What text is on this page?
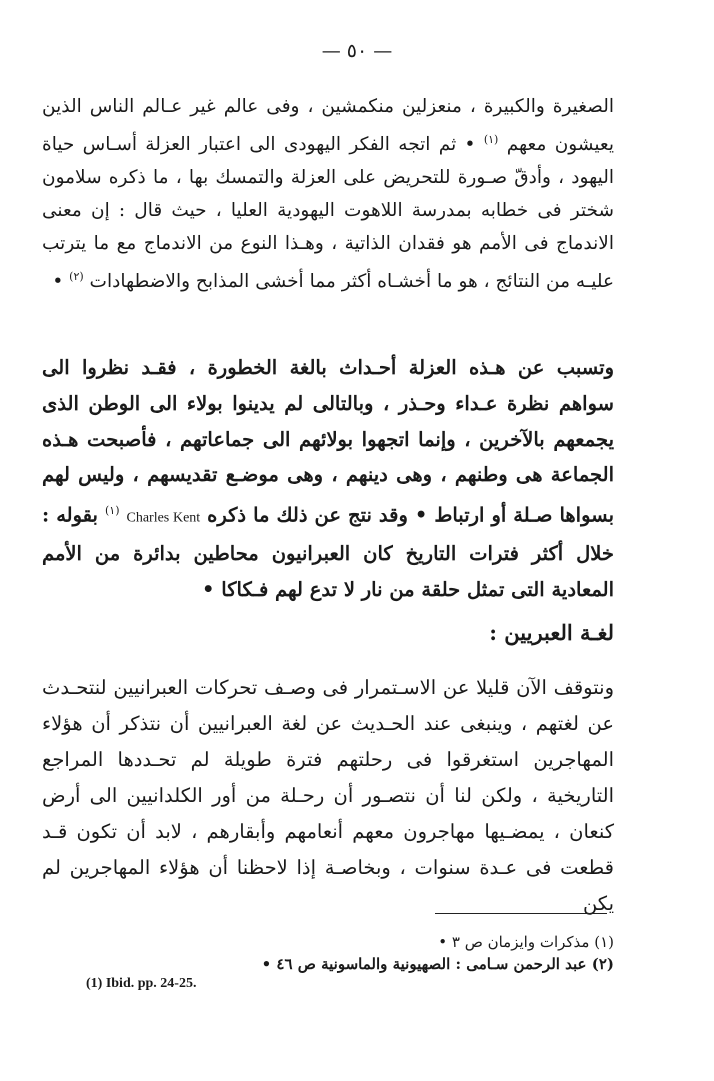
— ٥٠ —

الصغيرة والكبيرة ، منعزلين منكمشين ، وفى عالم غير عـالم الناس الذين يعيشون معهم $^{(١)}$ • ثم اتجه الفكر اليهودى الى اعتبار العزلة أسـاس حياة اليهود ، وأدقّ صـورة للتحريض على العزلة والتمسك بها ، ما ذكره سلامون شختر فى خطابه بمدرسة اللاهوت اليهودية العليا ، حيث قال : إن معنى الاندماج فى الأمم هو فقدان الذاتية ، وهـذا النوع من الاندماج مع ما يترتب عليـه من النتائج ، هو ما أخشـاه أكثر مما أخشى المذابح والاضطهادات $^{(٢)}$ •

وتسبب عن هـذه العزلة أحـداث بالغة الخطورة ، فقـد نظروا الى سواهم نظرة عـداء وحـذر ، وبالتالى لم يدينوا بولاء الى الوطن الذى يجمعهم بالآخرين ، وإنما اتجهوا بولائهم الى جماعاتهم ، فأصبحت هـذه الجماعة هى وطنهم ، وهى دينهم ، وهى موضـع تقديسهم ، وليس لهم بسواها صـلة أو ارتباط • وقد نتج عن ذلك ما ذكره Charles Kent $^{(١)}$ بقوله : خلال أكثر فترات التاريخ كان العبرانيون محاطين بدائرة من الأمم المعادية التى تمثل حلقة من نار لا تدع لهم فـكاكا •

لغـة العبريين :

ونتوقف الآن قليلا عن الاسـتمرار فى وصـف تحركات العبرانيين لنتحـدث عن لغتهم ، وينبغى عند الحـديث عن لغة العبرانيين أن نتذكر أن هؤلاء المهاجرين استغرقوا فى رحلتهم فترة طويلة لم تحـددها المراجع التاريخية ، ولكن لنا أن نتصـور أن رحـلة من أور الكلدانيين الى أرض كنعان ، يمضـيها مهاجرون معهم أنعامهم وأبقارهم ، لابد أن تكون قـد قطعت فى عـدة سنوات ، وبخاصـة إذا لاحظنا أن هؤلاء المهاجرين لم يكن

(١) مذكرات وايزمان ص ٣ •
(٢) عبد الرحمن سـامى : الصهيونية والماسونية ص ٤٦ •
(1) Ibid. pp. 24-25.
